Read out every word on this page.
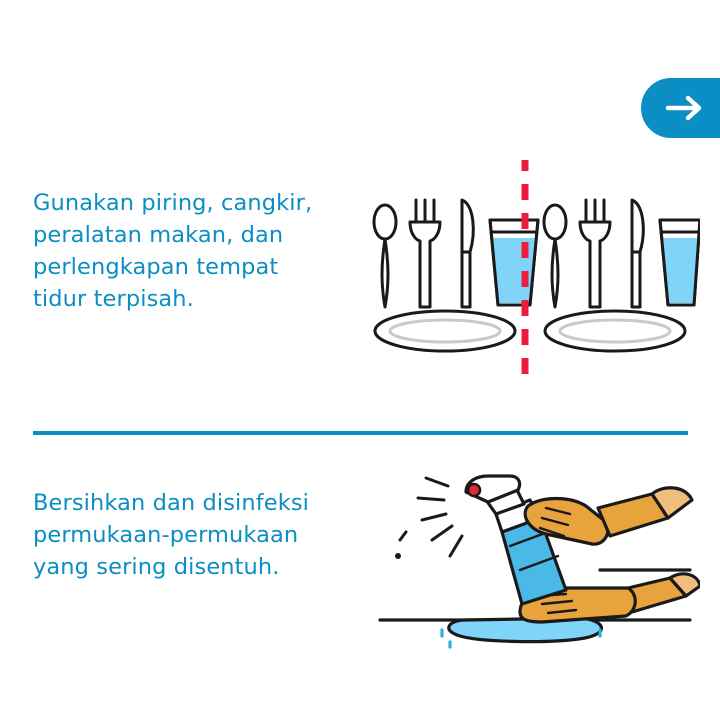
Gunakan piring, cangkir,
peralatan makan, dan
perlengkapan tempat
tidur terpisah.
Bersihkan dan disinfeksi
permukaan-permukaan
yang sering disentuh.
